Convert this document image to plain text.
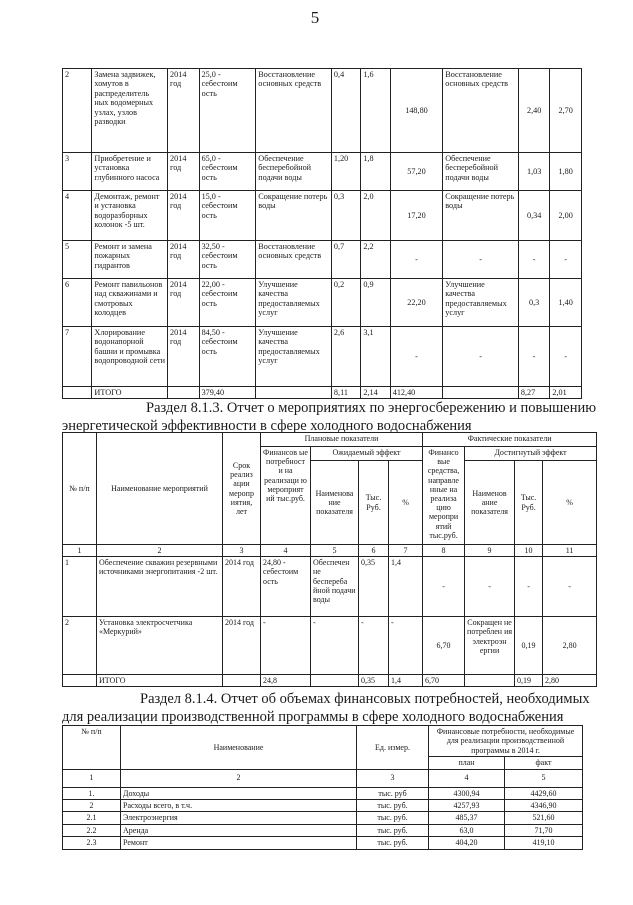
5
2	Замена задвижек, хомутов в распределитель ных водомерных узлах, узлов разводки	2014 год	25,0 - себестоим ость	Восстановление основных средств	0,4	1,6	148,80	Восстановление основных средств	2,40	2,70
3	Приобретение и установка глубинного насоса	2014 год	65,0 - себестоим ость	Обеспечение бесперебойной подачи воды	1,20	1,8	57,20	Обеспечение бесперебойной подачи воды	1,03	1,80
4	Демонтаж, ремонт и установка водоразборных колонок -5 шт.	2014 год	15,0 - себестоим ость	Сокращение потерь воды	0,3	2,0	17,20	Сокращение потерь воды	0,34	2,00
5	Ремонт и замена пожарных гидрантов	2014 год	32,50 - себестоим ость	Восстановление основных средств	0,7	2,2	-	-	-	-
6	Ремонт павильонов над скважинами и смотровых колодцев	2014 год	22,00 - себестоим ость	Улучшение качества предоставляемых услуг	0,2	0,9	22,20	Улучшение качества предоставляемых услуг	0,3	1,40
7	Хлорирование водонапорной башни и промывка водопроводной сети	2014 год	84,50 - себестоим ость	Улучшение качества предоставляемых услуг	2,6	3,1	-	-	-	-
	ИТОГО		379,40		8,11	2,14	412,40		8,27	2,01
Раздел 8.1.3. Отчет о мероприятиях по энергосбережению и повышению
энергетической эффективности в сфере холодного водоснабжения
№ п/п	Наименование мероприятий	Срок реализ ации меропр иятия, лет	Плановые показатели				Фактические показатели			
			Финансов ые потребност и на реализаци ю мероприят ий тыс.руб.	Ожидаемый эффект			Финансо вые средства, направле нные на реализа цию меропри ятий тыс.руб.	Достигнутый эффект		
				Наименова ние показателя	Тыс. Руб.	%		Наименов ание показателя	Тыс. Руб.	%
1	2	3	4	5	6	7	8	9	10	11
1	Обеспечение скважин резервными источниками энергопитания -2 шт.	2014 год	24,80 - себестоим ость	Обеспечен не беспереба йной подачи воды	0,35	1,4	-	-	-	-
2	Установка электросчетчика «Меркурий»	2014 год	-	-	-	-	6,70	Сокращен не потреблен ия электроэн ергии	0,19	2,80
	ИТОГО		24,8		0,35	1,4	6,70		0,19	2,80
Раздел 8.1.4. Отчет об объемах финансовых потребностей, необходимых
для реализации производственной программы в сфере холодного водоснабжения
№ п/п	Наименование	Ед. измер.	Финансовые потребности, необходимые для реализации производственной программы в 2014 г.	
			план	факт
1	2	3	4	5
1.	Доходы	тыс. руб	4300,94	4429,60
2	Расходы всего, в т.ч.	тыс. руб.	4257,93	4346,90
2.1	Электроэнергия	тыс. руб.	485,37	521,60
2.2	Аренда	тыс. руб.	63,0	71,70
2.3	Ремонт	тыс. руб.	404,20	419,10
